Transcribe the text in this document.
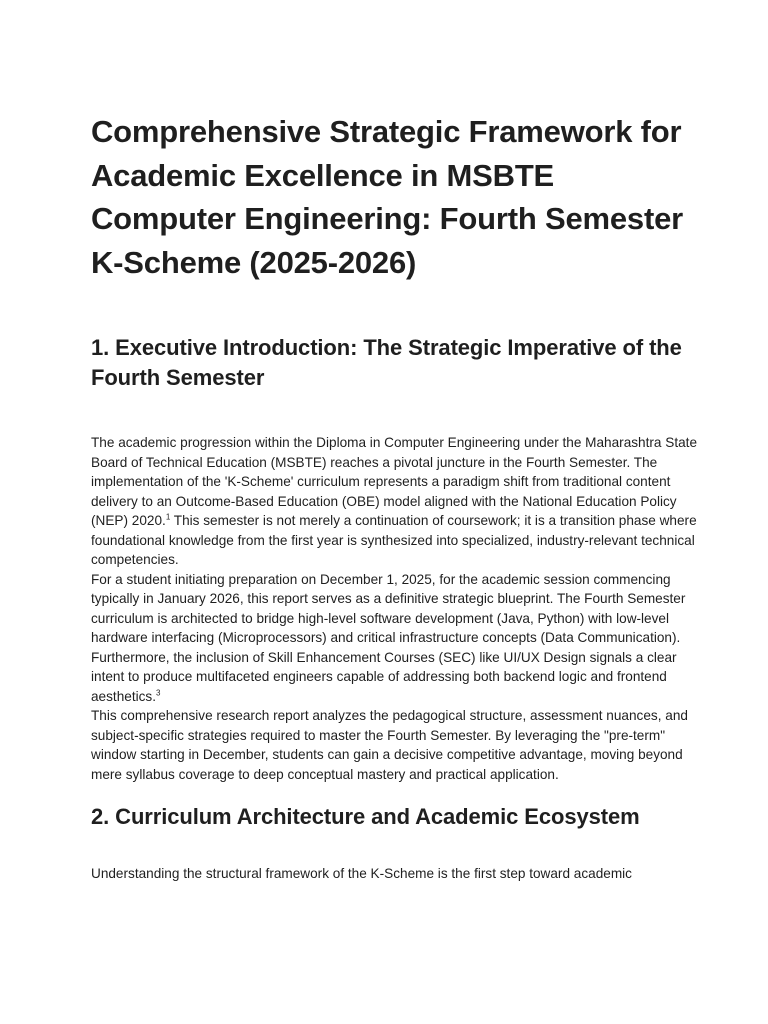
Comprehensive Strategic Framework for Academic Excellence in MSBTE Computer Engineering: Fourth Semester K-Scheme (2025-2026)
1. Executive Introduction: The Strategic Imperative of the Fourth Semester

The academic progression within the Diploma in Computer Engineering under the Maharashtra State Board of Technical Education (MSBTE) reaches a pivotal juncture in the Fourth Semester. The implementation of the 'K-Scheme' curriculum represents a paradigm shift from traditional content delivery to an Outcome-Based Education (OBE) model aligned with the National Education Policy (NEP) 2020.$^1$ This semester is not merely a continuation of coursework; it is a transition phase where foundational knowledge from the first year is synthesized into specialized, industry-relevant technical competencies.

For a student initiating preparation on December 1, 2025, for the academic session commencing typically in January 2026, this report serves as a definitive strategic blueprint. The Fourth Semester curriculum is architected to bridge high-level software development (Java, Python) with low-level hardware interfacing (Microprocessors) and critical infrastructure concepts (Data Communication). Furthermore, the inclusion of Skill Enhancement Courses (SEC) like UI/UX Design signals a clear intent to produce multifaceted engineers capable of addressing both backend logic and frontend aesthetics.$^3$

This comprehensive research report analyzes the pedagogical structure, assessment nuances, and subject-specific strategies required to master the Fourth Semester. By leveraging the "pre-term" window starting in December, students can gain a decisive competitive advantage, moving beyond mere syllabus coverage to deep conceptual mastery and practical application.

2. Curriculum Architecture and Academic Ecosystem

Understanding the structural framework of the K-Scheme is the first step toward academic
